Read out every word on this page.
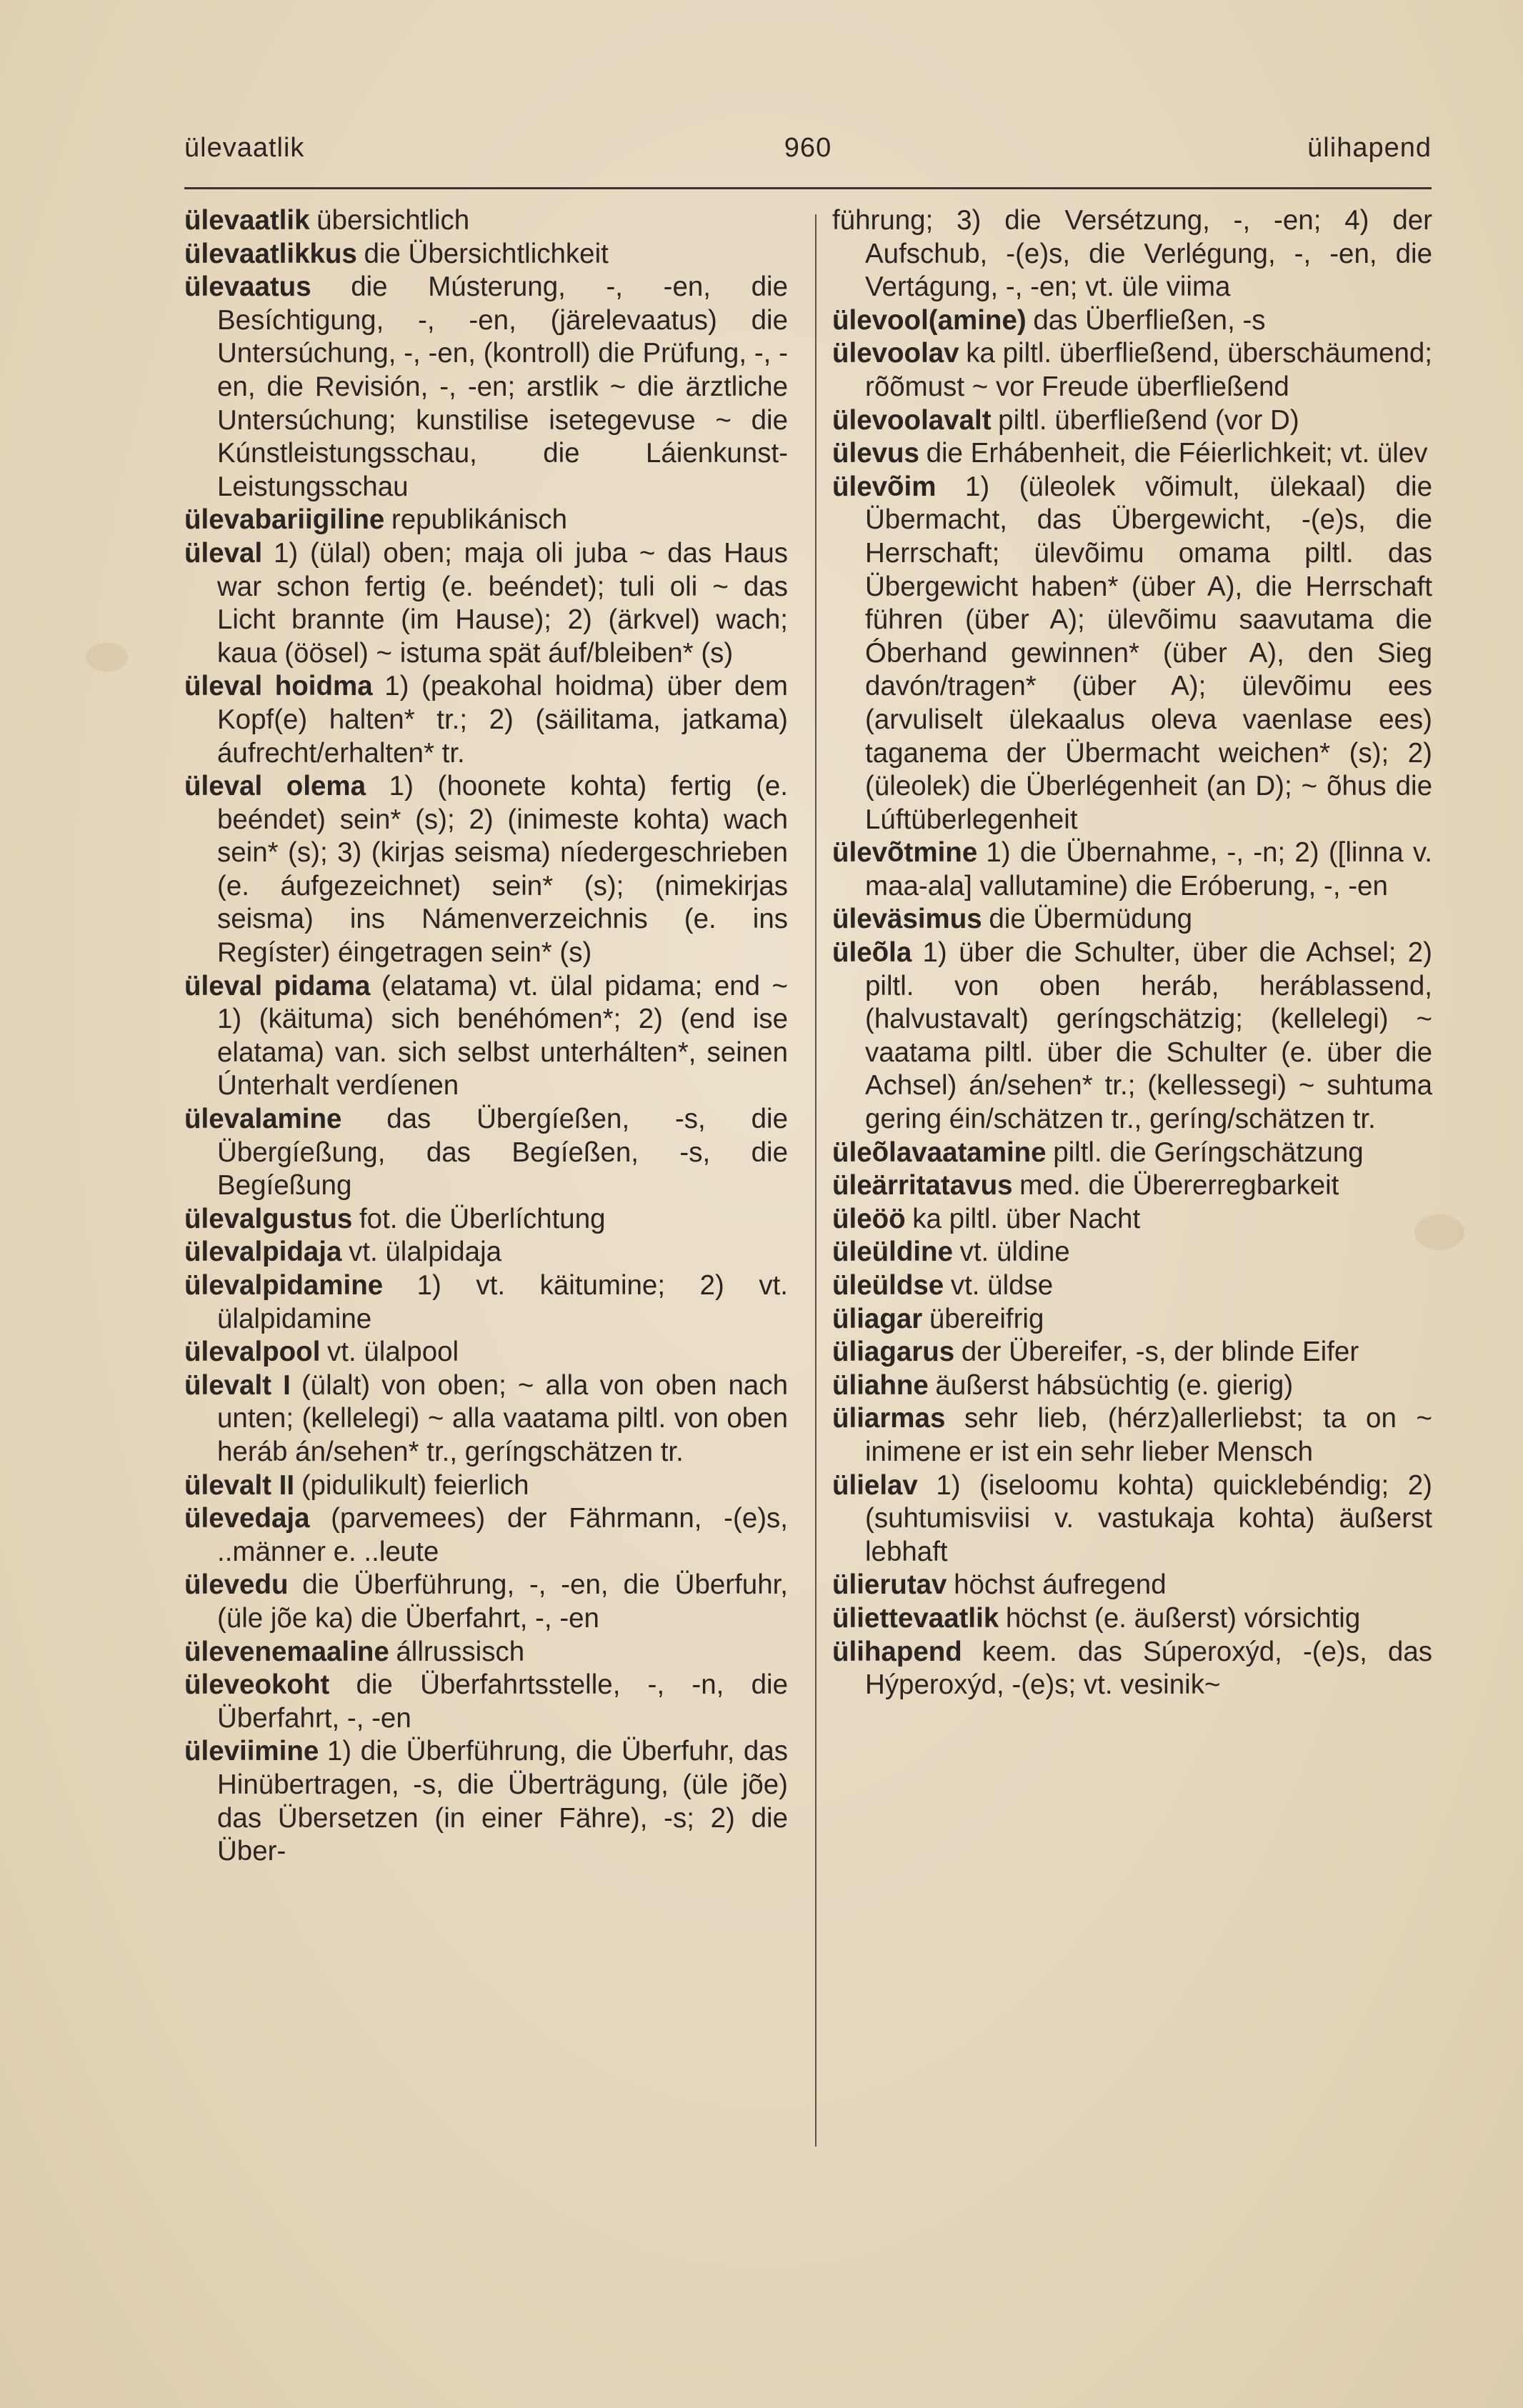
ülevaatlik	960	ülihapend

ülevaatlik übersichtlich

ülevaatlikkus die Übersichtlichkeit

ülevaatus die Músterung, -, -en, die Besíchtigung, -, -en, (järelevaatus) die Untersúchung, -, -en, (kontroll) die Prüfung, -, -en, die Revisión, -, -en; arstlik ~ die ärztliche Untersúchung; kunstilise isetegevuse ~ die Kúnstleistungsschau, die Láienkunst-Leistungsschau

ülevabariigiline republikánisch

üleval 1) (ülal) oben; maja oli juba ~ das Haus war schon fertig (e. beéndet); tuli oli ~ das Licht brannte (im Hause); 2) (ärkvel) wach; kaua (öösel) ~ istuma spät áuf/bleiben* (s)

üleval hoidma 1) (peakohal hoidma) über dem Kopf(e) halten* tr.; 2) (säilitama, jatkama) áufrecht/erhalten* tr.

üleval olema 1) (hoonete kohta) fertig (e. beéndet) sein* (s); 2) (inimeste kohta) wach sein* (s); 3) (kirjas seisma) níedergeschrieben (e. áufgezeichnet) sein* (s); (nimekirjas seisma) ins Námenverzeichnis (e. ins Regíster) éingetragen sein* (s)

üleval pidama (elatama) vt. ülal pidama; end ~ 1) (käituma) sich benéhómen*; 2) (end ise elatama) van. sich selbst unterhálten*, seinen Únterhalt verdíenen

ülevalamine das Übergíeßen, -s, die Übergíeßung, das Begíeßen, -s, die Begíeßung

ülevalgustus fot. die Überlíchtung

ülevalpidaja vt. ülalpidaja

ülevalpidamine 1) vt. käitumine; 2) vt. ülalpidamine

ülevalpool vt. ülalpool

ülevalt I (ülalt) von oben; ~ alla von oben nach unten; (kellelegi) ~ alla vaatama piltl. von oben heráb án/sehen* tr., geríngschätzen tr.

ülevalt II (pidulikult) feierlich

ülevedaja (parvemees) der Fährmann, -(e)s, ..männer e. ..leute

ülevedu die Überführung, -, -en, die Überfuhr, (üle jõe ka) die Überfahrt, -, -en

ülevenemaaline állrussisch

üleveokoht die Überfahrtsstelle, -, -n, die Überfahrt, -, -en

üleviimine 1) die Überführung, die Überfuhr, das Hinübertragen, -s, die Überträgung, (üle jõe) das Übersetzen (in einer Fähre), -s; 2) die Über-

führung; 3) die Versétzung, -, -en; 4) der Aufschub, -(e)s, die Verlégung, -, -en, die Vertágung, -, -en; vt. üle viima

ülevool(amine) das Überfließen, -s

ülevoolav ka piltl. überfließend, überschäumend; rõõmust ~ vor Freude überfließend

ülevoolavalt piltl. überfließend (vor D)

ülevus die Erhábenheit, die Féierlichkeit; vt. ülev

ülevõim 1) (üleolek võimult, ülekaal) die Übermacht, das Übergewicht, -(e)s, die Herrschaft; ülevõimu omama piltl. das Übergewicht haben* (über A), die Herrschaft führen (über A); ülevõimu saavutama die Óberhand gewinnen* (über A), den Sieg davón/tragen* (über A); ülevõimu ees (arvuliselt ülekaalus oleva vaenlase ees) taganema der Übermacht weichen* (s); 2) (üleolek) die Überlégenheit (an D); ~ õhus die Lúftüberlegenheit

ülevõtmine 1) die Übernahme, -, -n; 2) ([linna v. maa-ala] vallutamine) die Eróberung, -, -en

üleväsimus die Übermüdung

üleõla 1) über die Schulter, über die Achsel; 2) piltl. von oben heráb, heráblassend, (halvustavalt) geríngschätzig; (kellelegi) ~ vaatama piltl. über die Schulter (e. über die Achsel) án/sehen* tr.; (kellessegi) ~ suhtuma gering éin/schätzen tr., geríng/schätzen tr.

üleõlavaatamine piltl. die Geríngschätzung

üleärritatavus med. die Übererregbarkeit

üleöö ka piltl. über Nacht

üleüldine vt. üldine

üleüldse vt. üldse

üliagar übereifrig

üliagarus der Übereifer, -s, der blinde Eifer

üliahne äußerst hábsüchtig (e. gierig)

üliarmas sehr lieb, (hérz)allerliebst; ta on ~ inimene er ist ein sehr lieber Mensch

ülielav 1) (iseloomu kohta) quicklebéndig; 2) (suhtumisviisi v. vastukaja kohta) äußerst lebhaft

ülierutav höchst áufregend

üliettevaatlik höchst (e. äußerst) vórsichtig

ülihapend keem. das Súperoxýd, -(e)s, das Hýperoxýd, -(e)s; vt. vesinik~
